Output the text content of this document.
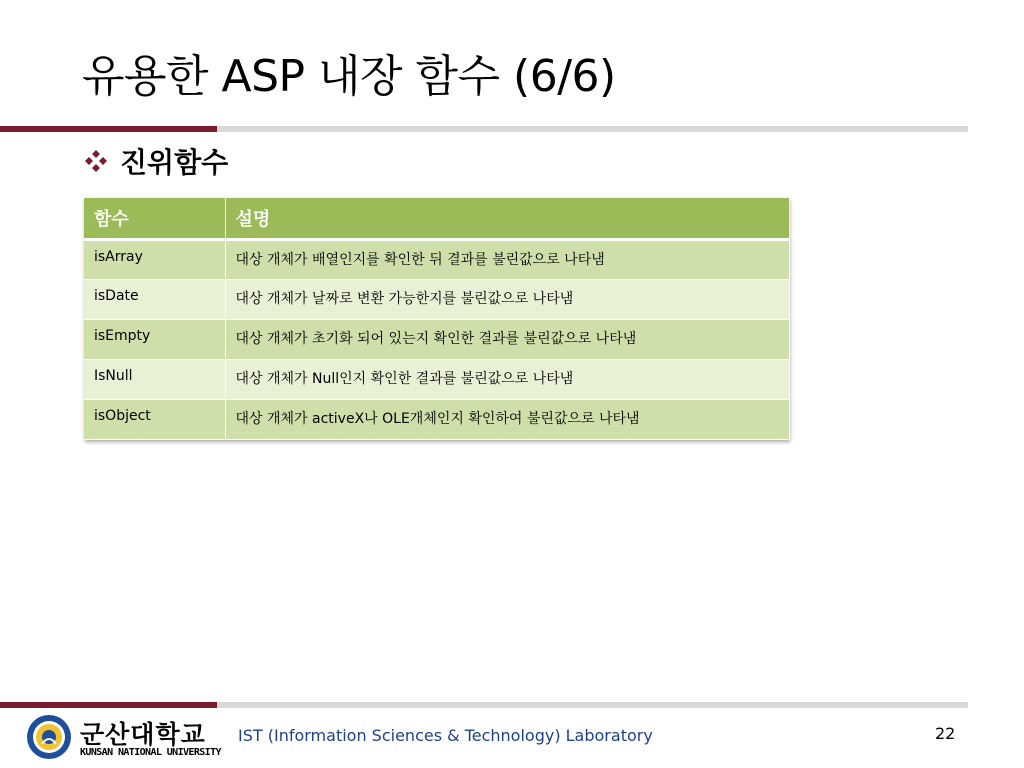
유용한 ASP 내장 함수 (6/6)
진위함수
함수	설명
isArray	대상 개체가 배열인지를 확인한 뒤 결과를 불린값으로 나타냄
isDate	대상 개체가 날짜로 변환 가능한지를 불린값으로 나타냄
isEmpty	대상 개체가 초기화 되어 있는지 확인한 결과를 불린값으로 나타냄
IsNull	대상 개체가 Null인지 확인한 결과를 불린값으로 나타냄
isObject	대상 개체가 activeX나 OLE개체인지 확인하여 불린값으로 나타냄
군산대학교
KUNSAN NATIONAL UNIVERSITY
IST (Information Sciences & Technology) Laboratory	22
